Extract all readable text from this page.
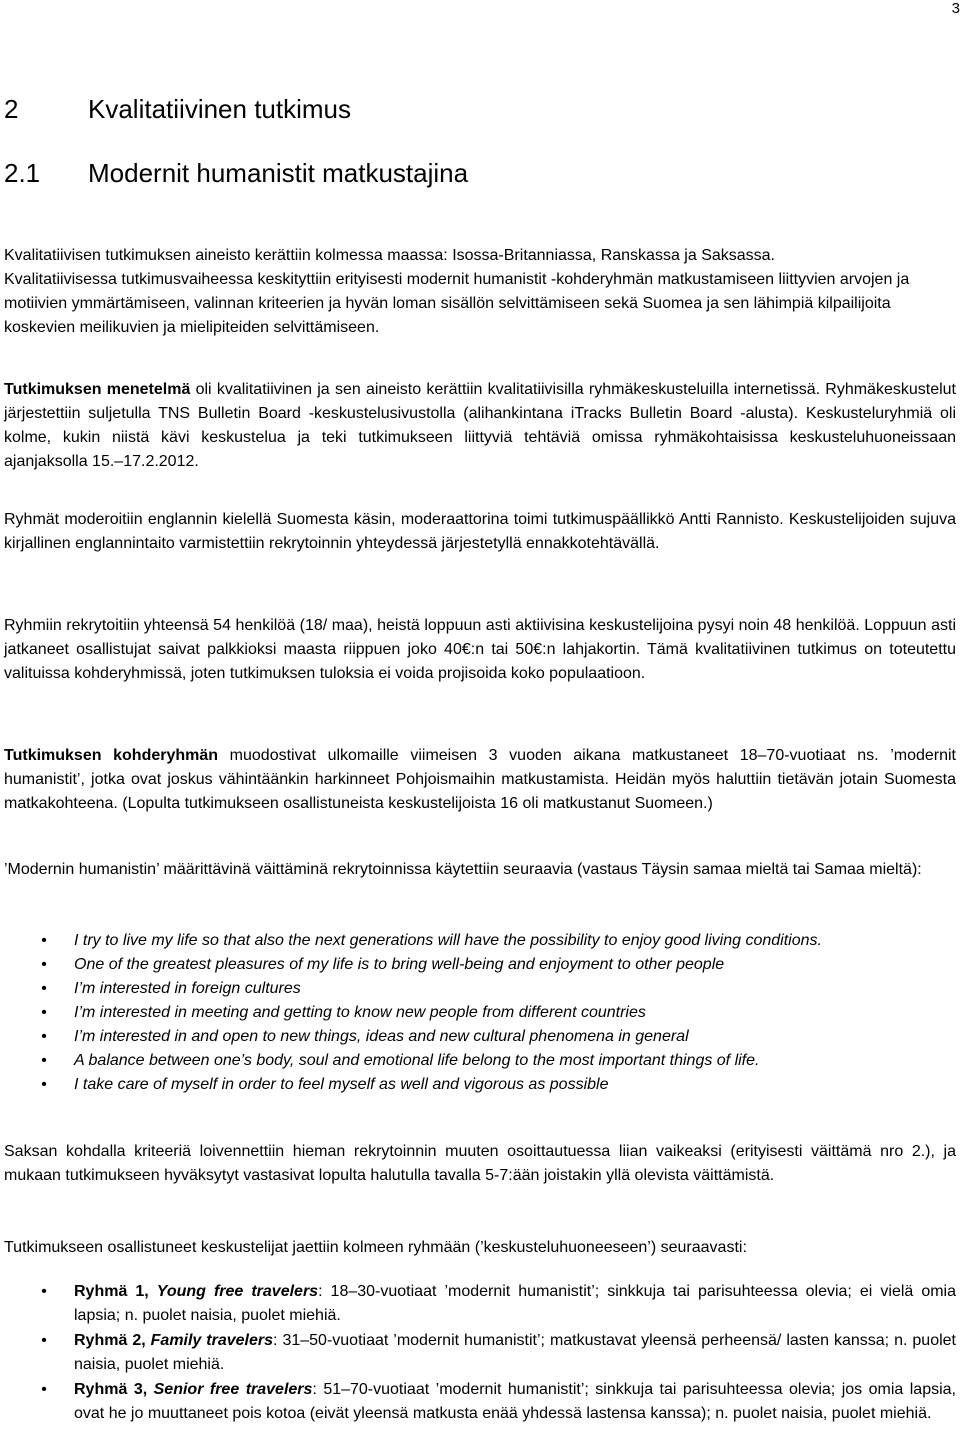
3
2	Kvalitatiivinen tutkimus
2.1 Modernit humanistit matkustajina

Kvalitatiivisen tutkimuksen aineisto kerättiin kolmessa maassa: Isossa-Britanniassa, Ranskassa ja Saksassa.
Kvalitatiivisessa tutkimusvaiheessa keskityttiin erityisesti modernit humanistit -kohderyhmän matkustamiseen liittyvien arvojen ja motiivien ymmärtämiseen, valinnan kriteerien ja hyvän loman sisällön selvittämiseen sekä Suomea ja sen lähimpiä kilpailijoita koskevien meilikuvien ja mielipiteiden selvittämiseen.

Tutkimuksen menetelmä oli kvalitatiivinen ja sen aineisto kerättiin kvalitatiivisilla ryhmäkeskusteluilla internetissä. Ryhmäkeskustelut järjestettiin suljetulla TNS Bulletin Board -keskustelusivustolla (alihankintana iTracks Bulletin Board -alusta). Keskusteluryhmiä oli kolme, kukin niistä kävi keskustelua ja teki tutkimukseen liittyviä tehtäviä omissa ryhmäkohtaisissa keskusteluhuoneissaan ajanjaksolla 15.–17.2.2012.

Ryhmät moderoitiin englannin kielellä Suomesta käsin, moderaattorina toimi tutkimuspäällikkö Antti Rannisto. Keskustelijoiden sujuva kirjallinen englannintaito varmistettiin rekrytoinnin yhteydessä järjestetyllä ennakkotehtävällä.

Ryhmiin rekrytoitiin yhteensä 54 henkilöä (18/ maa), heistä loppuun asti aktiivisina keskustelijoina pysyi noin 48 henkilöä. Loppuun asti jatkaneet osallistujat saivat palkkioksi maasta riippuen joko 40€:n tai 50€:n lahjakortin. Tämä kvalitatiivinen tutkimus on toteutettu valituissa kohderyhmissä, joten tutkimuksen tuloksia ei voida projisoida koko populaatioon.

Tutkimuksen kohderyhmän muodostivat ulkomaille viimeisen 3 vuoden aikana matkustaneet 18–70-vuotiaat ns. ’modernit humanistit’, jotka ovat joskus vähintäänkin harkinneet Pohjoismaihin matkustamista. Heidän myös haluttiin tietävän jotain Suomesta matkakohteena. (Lopulta tutkimukseen osallistuneista keskustelijoista 16 oli matkustanut Suomeen.)

’Modernin humanistin’ määrittävinä väittäminä rekrytoinnissa käytettiin seuraavia (vastaus Täysin samaa mieltä tai Samaa mieltä):

•	I try to live my life so that also the next generations will have the possibility to enjoy good living conditions.
•	One of the greatest pleasures of my life is to bring well-being and enjoyment to other people
•	I’m interested in foreign cultures
•	I’m interested in meeting and getting to know new people from different countries
•	I’m interested in and open to new things, ideas and new cultural phenomena in general
•	A balance between one’s body, soul and emotional life belong to the most important things of life.
•	I take care of myself in order to feel myself as well and vigorous as possible

Saksan kohdalla kriteeriä loivennettiin hieman rekrytoinnin muuten osoittautuessa liian vaikeaksi (erityisesti väittämä nro 2.), ja mukaan tutkimukseen hyväksytyt vastasivat lopulta halutulla tavalla 5-7:ään joistakin yllä olevista väittämistä.

Tutkimukseen osallistuneet keskustelijat jaettiin kolmeen ryhmään (’keskusteluhuoneeseen’) seuraavasti:

•	Ryhmä 1, Young free travelers: 18–30-vuotiaat ’modernit humanistit’; sinkkuja tai parisuhteessa olevia; ei vielä omia lapsia; n. puolet naisia, puolet miehiä.
•	Ryhmä 2, Family travelers: 31–50-vuotiaat ’modernit humanistit’; matkustavat yleensä perheensä/ lasten kanssa; n. puolet naisia, puolet miehiä.
•	Ryhmä 3, Senior free travelers: 51–70-vuotiaat ’modernit humanistit’; sinkkuja tai parisuhteessa olevia; jos omia lapsia, ovat he jo muuttaneet pois kotoa (eivät yleensä matkusta enää yhdessä lastensa kanssa); n. puolet naisia, puolet miehiä.
